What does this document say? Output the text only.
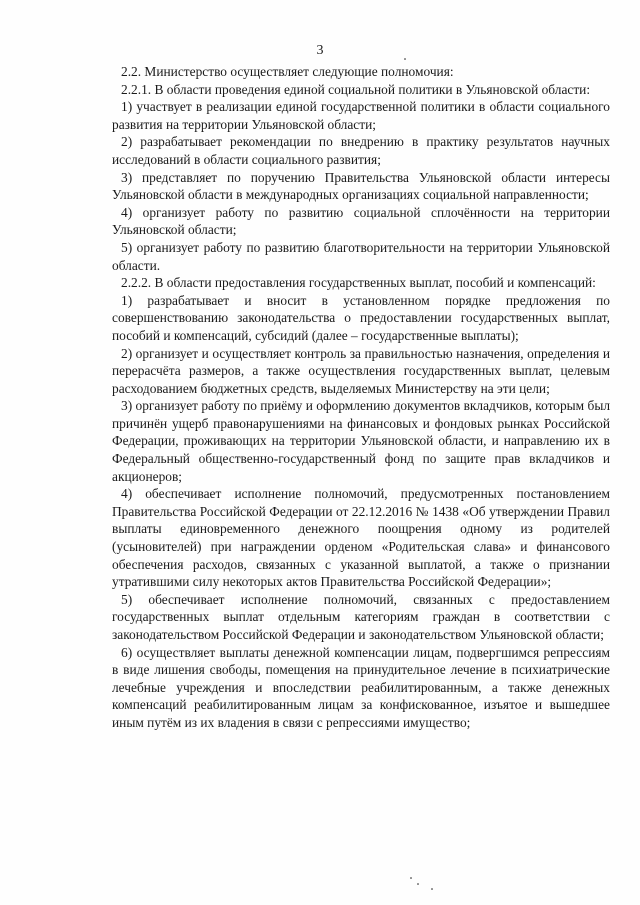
3

2.2. Министерство осуществляет следующие полномочия:

2.2.1. В области проведения единой социальной политики в Ульяновской области:

1) участвует в реализации единой государственной политики в области социального развития на территории Ульяновской области;

2) разрабатывает рекомендации по внедрению в практику результатов научных исследований в области социального развития;

3) представляет по поручению Правительства Ульяновской области интересы Ульяновской области в международных организациях социальной направленности;

4) организует работу по развитию социальной сплочённости на территории Ульяновской области;

5) организует работу по развитию благотворительности на территории Ульяновской области.

2.2.2. В области предоставления государственных выплат, пособий и компенсаций:

1) разрабатывает и вносит в установленном порядке предложения по совершенствованию законодательства о предоставлении государственных выплат, пособий и компенсаций, субсидий (далее – государственные выплаты);

2) организует и осуществляет контроль за правильностью назначения, определения и перерасчёта размеров, а также осуществления государственных выплат, целевым расходованием бюджетных средств, выделяемых Министерству на эти цели;

3) организует работу по приёму и оформлению документов вкладчиков, которым был причинён ущерб правонарушениями на финансовых и фондовых рынках Российской Федерации, проживающих на территории Ульяновской области, и направлению их в Федеральный общественно-государственный фонд по защите прав вкладчиков и акционеров;

4) обеспечивает исполнение полномочий, предусмотренных постановлением Правительства Российской Федерации от 22.12.2016 № 1438 «Об утверждении Правил выплаты единовременного денежного поощрения одному из родителей (усыновителей) при награждении орденом «Родительская слава» и финансового обеспечения расходов, связанных с указанной выплатой, а также о признании утратившими силу некоторых актов Правительства Российской Федерации»;

5) обеспечивает исполнение полномочий, связанных с предоставлением государственных выплат отдельным категориям граждан в соответствии с законодательством Российской Федерации и законодательством Ульяновской области;

6) осуществляет выплаты денежной компенсации лицам, подвергшимся репрессиям в виде лишения свободы, помещения на принудительное лечение в психиатрические лечебные учреждения и впоследствии реабилитированным, а также денежных компенсаций реабилитированным лицам за конфискованное, изъятое и вышедшее иным путём из их владения в связи с репрессиями имущество;
